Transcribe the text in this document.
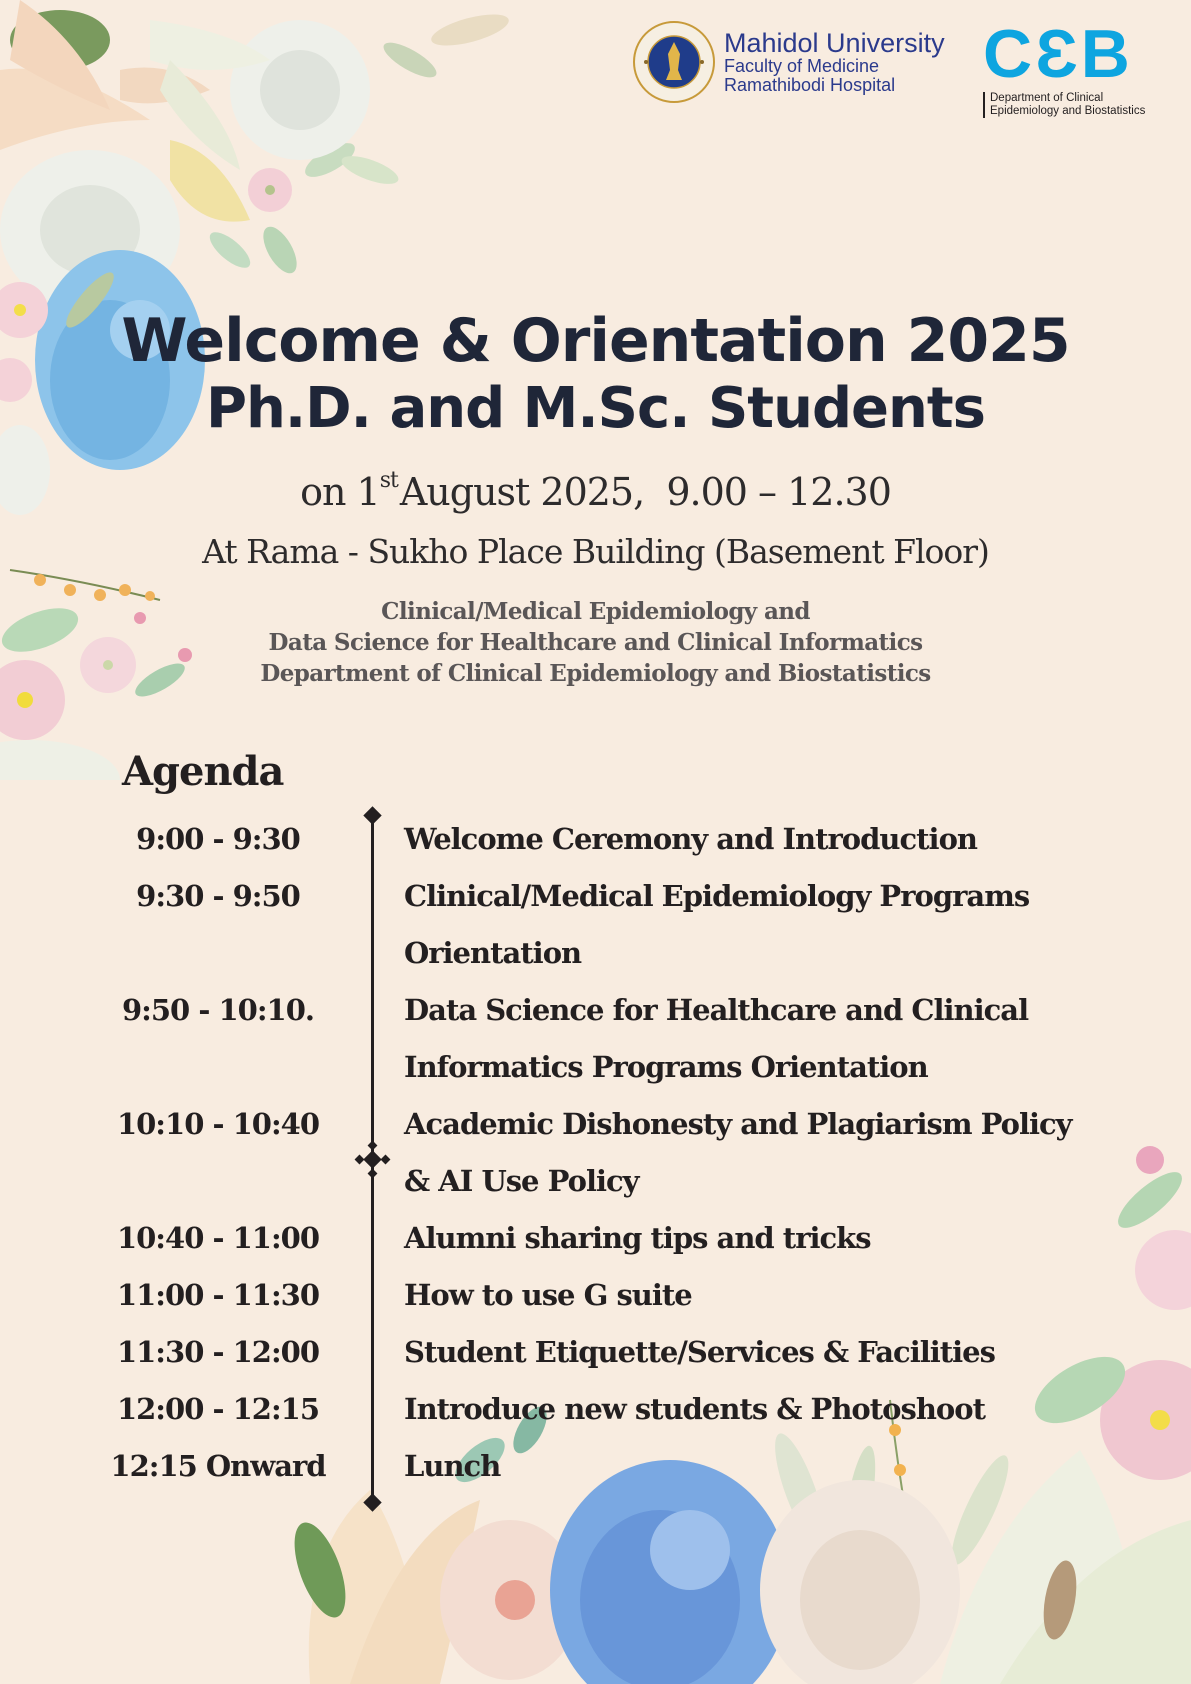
Mahidol University
Faculty of Medicine
Ramathibodi Hospital	CƐB
Department of Clinical
Epidemiology and Biostatistics
Welcome & Orientation 2025
Ph.D. and M.Sc. Students
on 1stAugust 2025,  9.00 – 12.30
At Rama - Sukho Place Building (Basement Floor)
Clinical/Medical Epidemiology and
Data Science for Healthcare and Clinical Informatics
Department of Clinical Epidemiology and Biostatistics
Agenda
9:00 - 9:30	Welcome Ceremony and Introduction
9:30 - 9:50	Clinical/Medical Epidemiology Programs
Orientation
9:50 - 10:10.	Data Science for Healthcare and Clinical
Informatics Programs Orientation
10:10 - 10:40	Academic Dishonesty and Plagiarism Policy
& AI Use Policy
10:40 - 11:00	Alumni sharing tips and tricks
11:00 - 11:30	How to use G suite
11:30 - 12:00	Student Etiquette/Services & Facilities
12:00 - 12:15	Introduce new students & Photoshoot
12:15 Onward	Lunch
